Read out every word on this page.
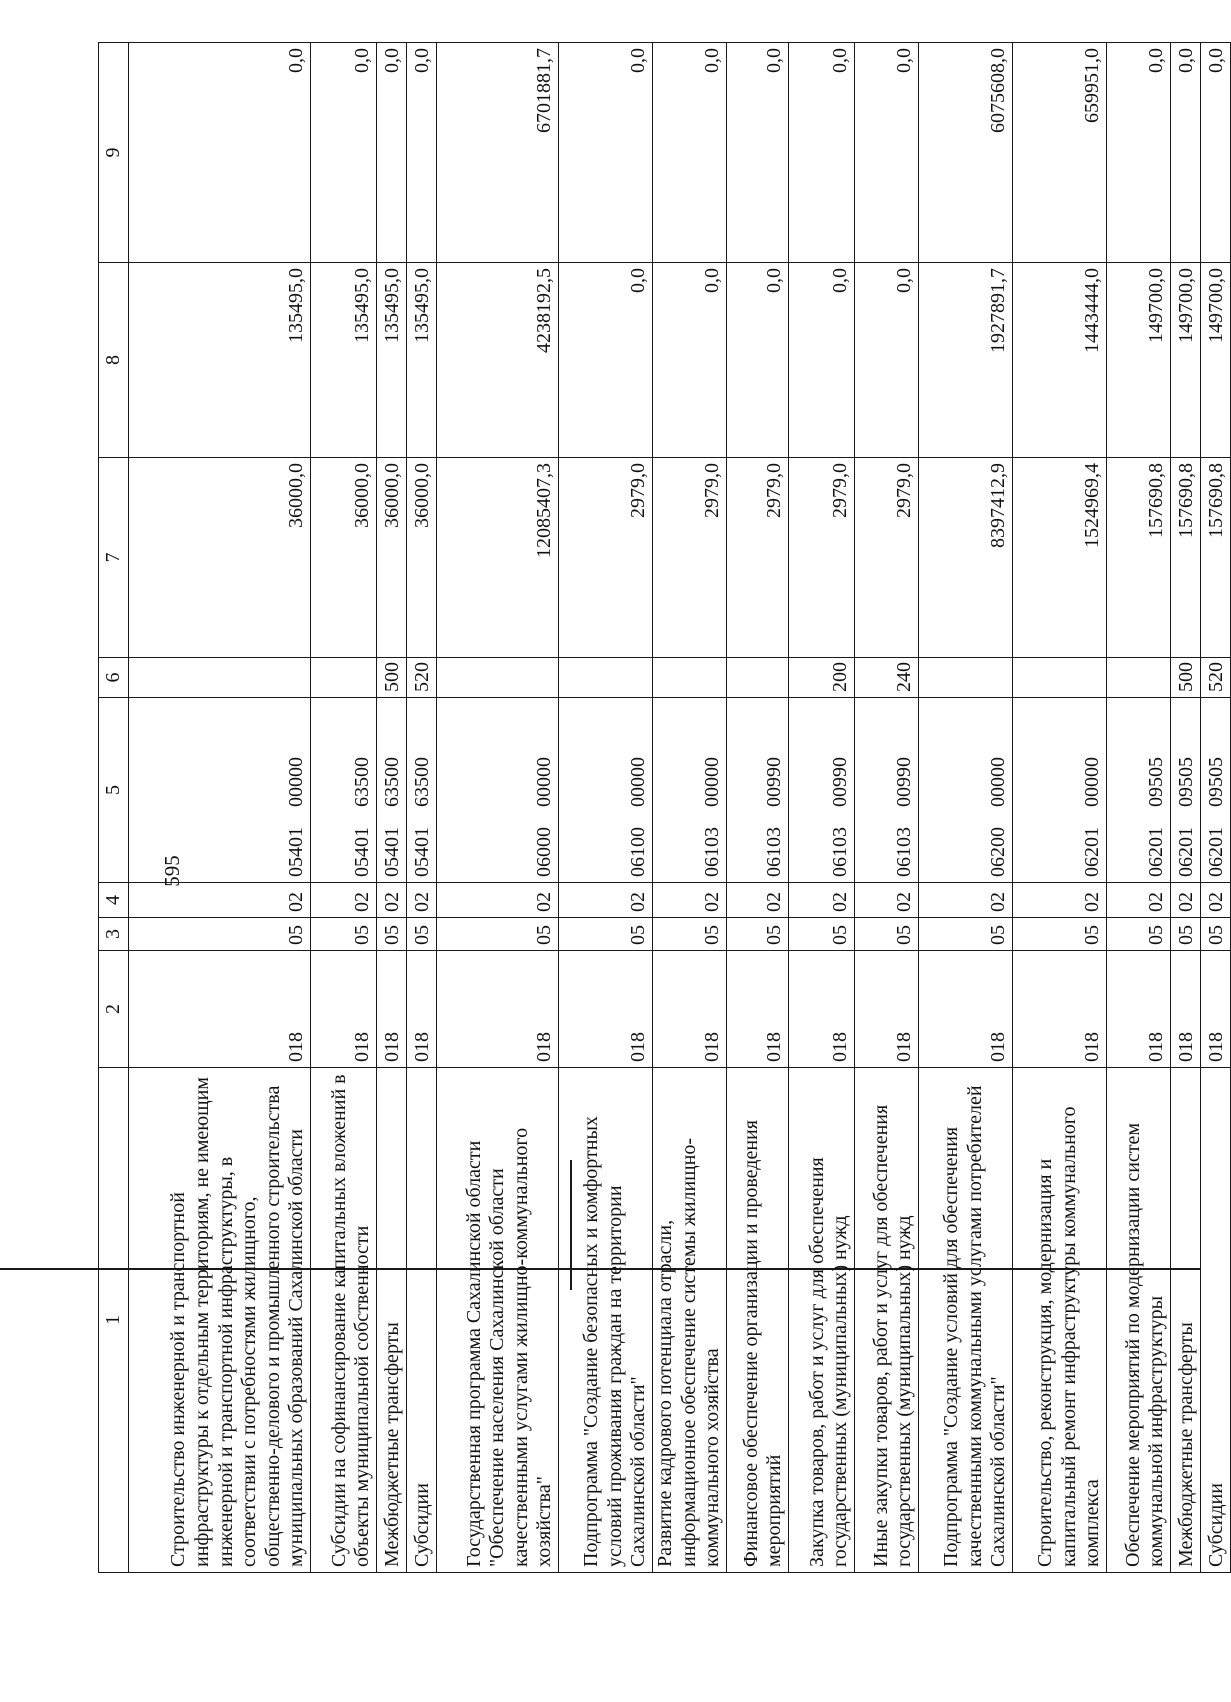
595
1	2	3	4	5	6	7	8	9
Строительство инженерной и транспортной инфраструктуры к отдельным территориям, не имеющим инженерной и транспортной инфраструктуры, в соответствии с потребностями жилищного, общественно-делового и промышленного строительства муниципальных образований Сахалинской области	018	05	02	0540100000		36000,0	135495,0	0,0
Субсидии на софинансирование капитальных вложений в объекты муниципальной собственности	018	05	02	0540163500		36000,0	135495,0	0,0
Межбюджетные трансферты	018	05	02	0540163500	500	36000,0	135495,0	0,0
Субсидии	018	05	02	0540163500	520	36000,0	135495,0	0,0
Государственная программа Сахалинской области "Обеспечение населения Сахалинской области качественными услугами жилищно-коммунального хозяйства"	018	05	02	0600000000		12085407,3	4238192,5	6701881,7
Подпрограмма "Создание безопасных и комфортных условий проживания граждан на территории Сахалинской области"	018	05	02	0610000000		2979,0	0,0	0,0
Развитие кадрового потенциала отрасли, информационное обеспечение системы жилищно-коммунального хозяйства	018	05	02	0610300000		2979,0	0,0	0,0
Финансовое обеспечение организации и проведения мероприятий	018	05	02	0610300990		2979,0	0,0	0,0
Закупка товаров, работ и услуг для обеспечения государственных (муниципальных) нужд	018	05	02	0610300990	200	2979,0	0,0	0,0
Иные закупки товаров, работ и услуг для обеспечения государственных (муниципальных) нужд	018	05	02	0610300990	240	2979,0	0,0	0,0
Подпрограмма "Создание условий для обеспечения качественными коммунальными услугами потребителей Сахалинской области"	018	05	02	0620000000		8397412,9	1927891,7	6075608,0
Строительство, реконструкция, модернизация и капитальный ремонт инфраструктуры коммунального комплекса	018	05	02	0620100000		1524969,4	1443444,0	659951,0
Обеспечение мероприятий по модернизации систем коммунальной инфраструктуры	018	05	02	0620109505		157690,8	149700,0	0,0
Межбюджетные трансферты	018	05	02	0620109505	500	157690,8	149700,0	0,0
Субсидии	018	05	02	0620109505	520	157690,8	149700,0	0,0
